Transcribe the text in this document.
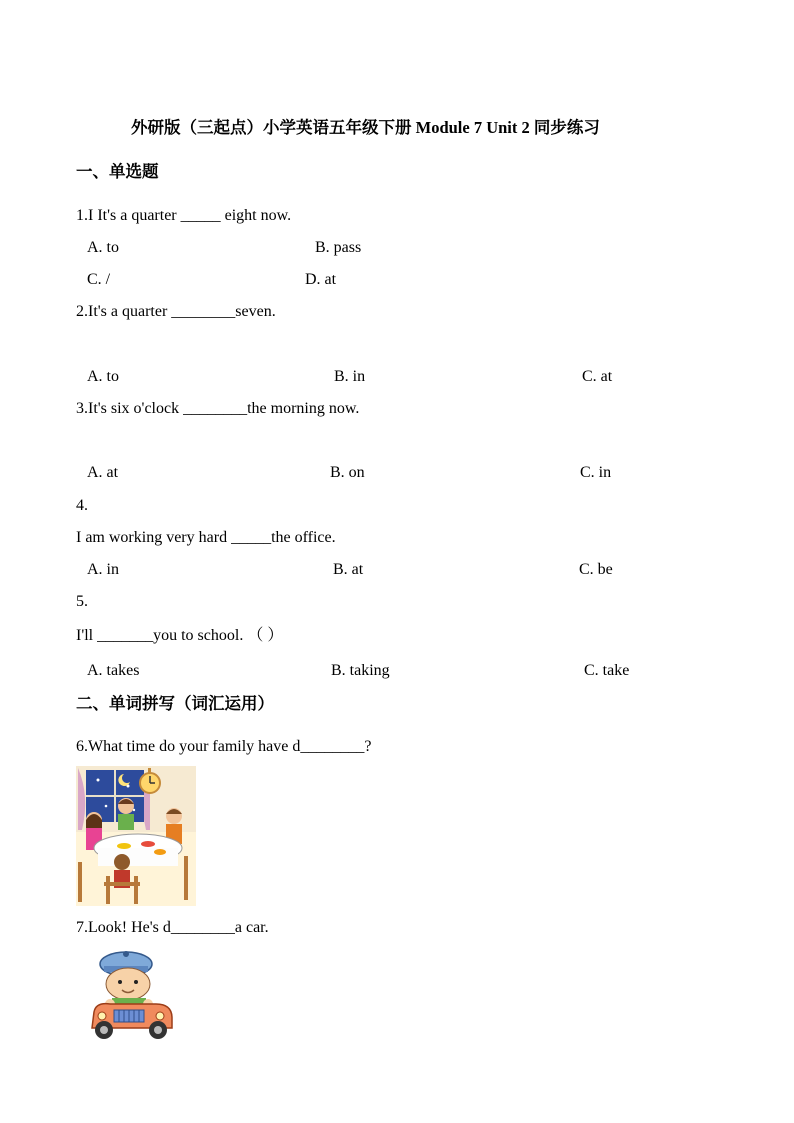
外研版（三起点）小学英语五年级下册 Module 7 Unit 2 同步练习
一、单选题
1.I It's a quarter _____ eight now.
A. to	B. pass
C. /	D. at
2.It's a quarter ________seven.
A. to	B. in	C. at
3.It's six o'clock ________the morning now.
A. at	B. on	C. in
4.
I am working very hard _____the office.
A. in	B. at	C. be
5.
I'll _______you to school. （ ）
A. takes	B. taking	C. take
二、单词拼写（词汇运用）
6.What time do your family have d________?
7.Look! He's d________a car.
